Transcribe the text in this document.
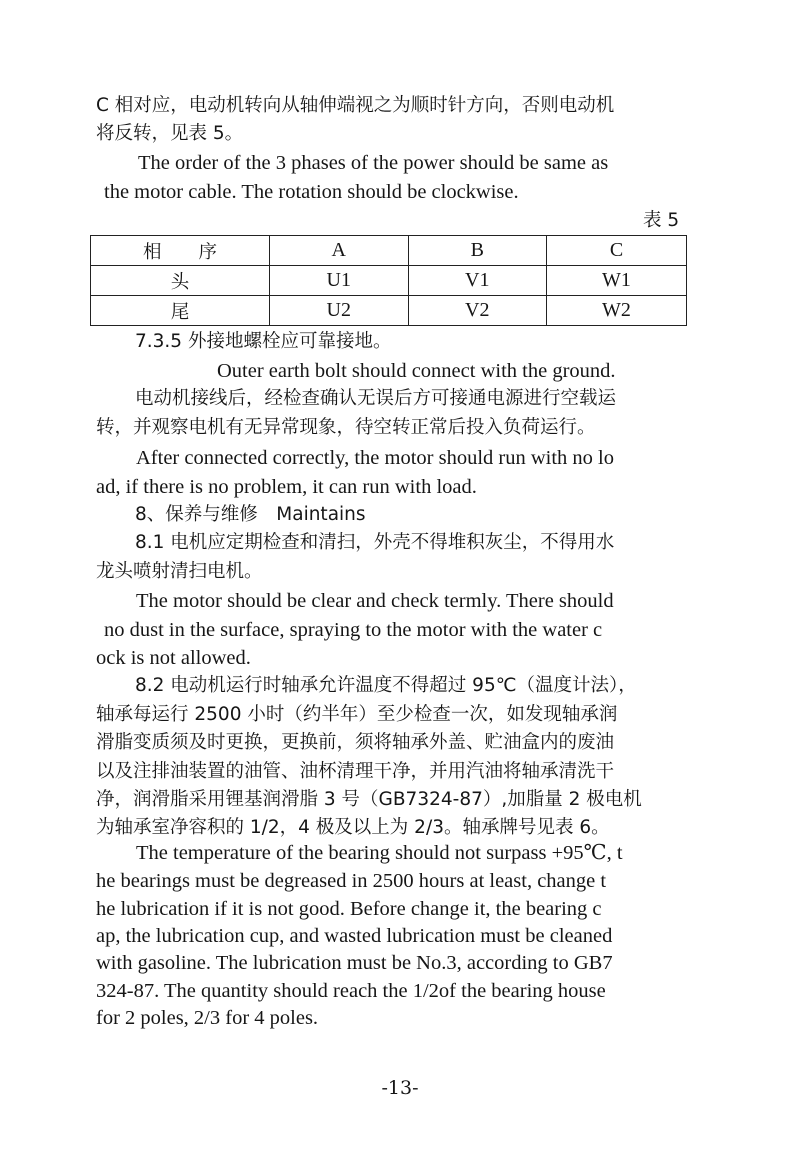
C 相对应，电动机转向从轴伸端视之为顺时针方向，否则电动机
将反转，见表 5。
The order of the 3 phases of the power should be same as
the motor cable. The rotation should be clockwise.
表 5
相　　序	A	B	C
头	U1	V1	W1
尾	U2	V2	W2
7.3.5 外接地螺栓应可靠接地。
Outer earth bolt should connect with the ground.
电动机接线后，经检查确认无误后方可接通电源进行空载运
转，并观察电机有无异常现象，待空转正常后投入负荷运行。
After connected correctly, the motor should run with no lo
ad, if there is no problem, it can run with load.
8、保养与维修　Maintains
8.1 电机应定期检查和清扫，外壳不得堆积灰尘，不得用水
龙头喷射清扫电机。
The motor should be clear and check termly. There should
no dust in the surface, spraying to the motor with the water c
ock is not allowed.
8.2 电动机运行时轴承允许温度不得超过 95℃（温度计法），
轴承每运行 2500 小时（约半年）至少检查一次，如发现轴承润
滑脂变质须及时更换，更换前，须将轴承外盖、贮油盒内的废油
以及注排油装置的油管、油杯清理干净，并用汽油将轴承清洗干
净，润滑脂采用锂基润滑脂 3 号（GB7324-87）,加脂量 2 极电机
为轴承室净容积的 1/2，4 极及以上为 2/3。轴承牌号见表 6。
The temperature of the bearing should not surpass +95℃, t
he bearings must be degreased in 2500 hours at least, change t
he lubrication if it is not good. Before change it, the bearing c
ap, the lubrication cup, and wasted lubrication must be cleaned
with gasoline. The lubrication must be No.3, according to GB7
324-87. The quantity should reach the 1/2of the bearing house
for 2 poles, 2/3 for 4 poles.
-13-
